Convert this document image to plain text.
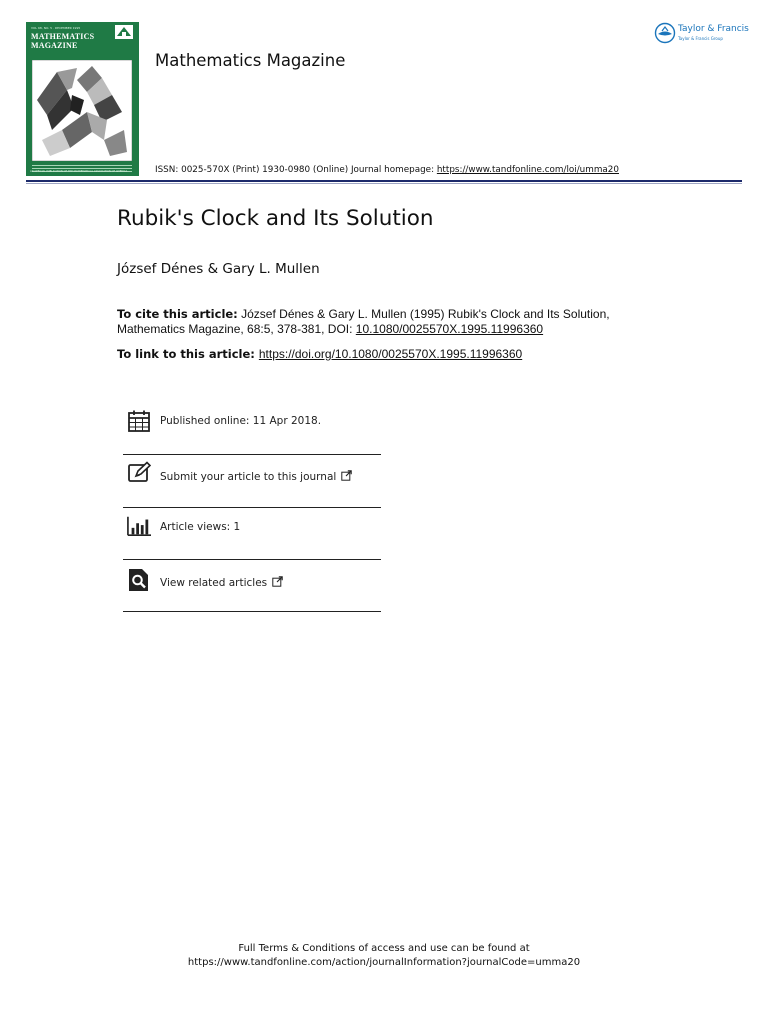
VOL 68, NO. 5 · DECEMBER 1995
MATHEMATICS
MAGAZINE
AN OFFICIAL PUBLICATION OF THE MATHEMATICAL ASSOCIATION OF AMERICA
Mathematics Magazine
ISSN: 0025-570X (Print) 1930-0980 (Online) Journal homepage: https://www.tandfonline.com/loi/umma20
Taylor & Francis
Taylor & Francis Group
Rubik's Clock and Its Solution
József Dénes & Gary L. Mullen
To cite this article: József Dénes & Gary L. Mullen (1995) Rubik's Clock and Its Solution, Mathematics Magazine, 68:5, 378-381, DOI: 10.1080/0025570X.1995.11996360
To link to this article: https://doi.org/10.1080/0025570X.1995.11996360
Published online: 11 Apr 2018.
Submit your article to this journal
Article views: 1
View related articles
Full Terms & Conditions of access and use can be found at
https://www.tandfonline.com/action/journalInformation?journalCode=umma20
